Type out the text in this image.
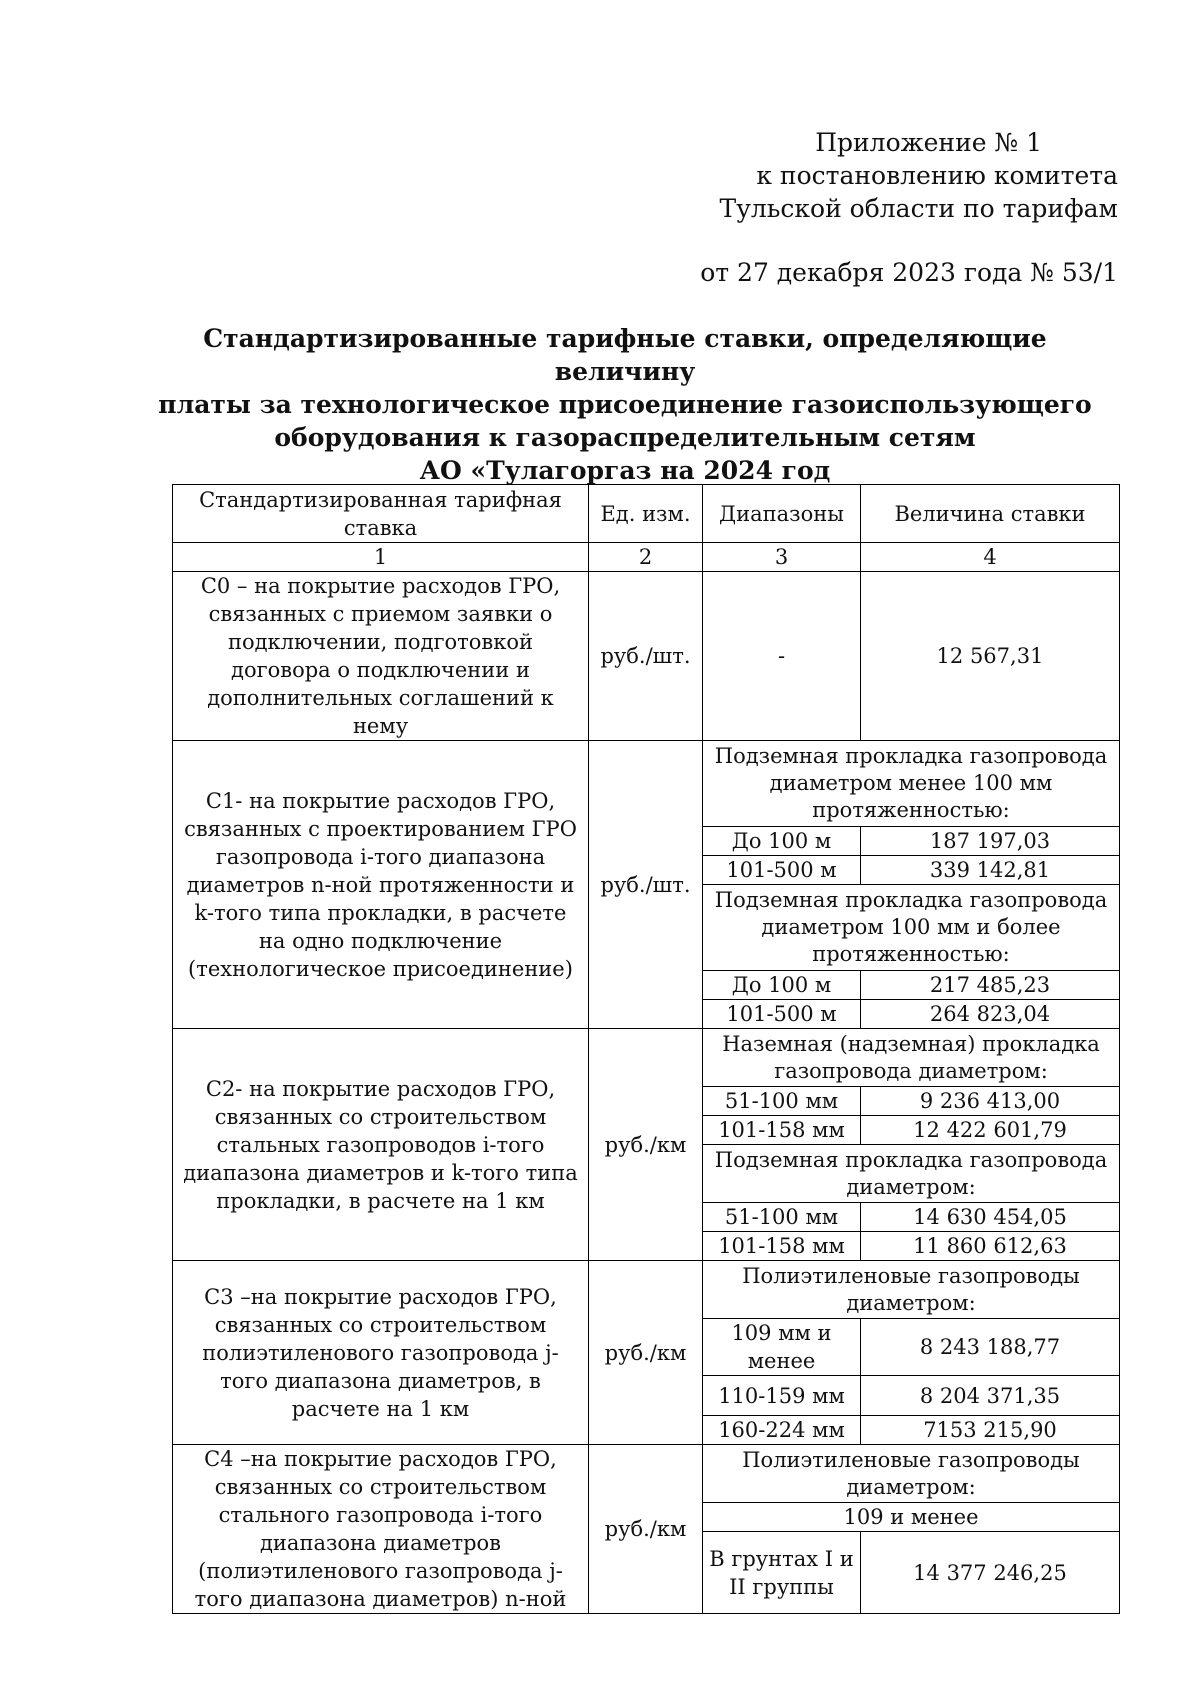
Приложение № 1
к постановлению комитета
Тульской области по тарифам
от 27 декабря 2023 года № 53/1
Стандартизированные тарифные ставки, определяющие величину
платы за технологическое присоединение газоиспользующего
оборудования к газораспределительным сетям
АО «Тулагоргаз на 2024 год
Стандартизированная тарифная ставка	Ед. изм.	Диапазоны	Величина ставки
1	2	3	4
С0 – на покрытие расходов ГРО, связанных с приемом заявки о подключении, подготовкой договора о подключении и дополнительных соглашений к нему	руб./шт.	-	12 567,31
С1- на покрытие расходов ГРО, связанных с проектированием ГРО газопровода i-того диапазона диаметров n-ной протяженности и k-того типа прокладки, в расчете на одно подключение (технологическое присоединение)	руб./шт.	Подземная прокладка газопровода диаметром менее 100 мм протяженностью:	
		До 100 м	187 197,03
		101-500 м	339 142,81
		Подземная прокладка газопровода диаметром 100 мм и более протяженностью:	
		До 100 м	217 485,23
		101-500 м	264 823,04
С2- на покрытие расходов ГРО, связанных со строительством стальных газопроводов i-того диапазона диаметров и k-того типа прокладки, в расчете на 1 км	руб./км	Наземная (надземная) прокладка газопровода диаметром:	
		51-100 мм	9 236 413,00
		101-158 мм	12 422 601,79
		Подземная прокладка газопровода диаметром:	
		51-100 мм	14 630 454,05
		101-158 мм	11 860 612,63
С3 –на покрытие расходов ГРО, связанных со строительством полиэтиленового газопровода j-того диапазона диаметров, в расчете на 1 км	руб./км	Полиэтиленовые газопроводы диаметром:	
		109 мм и менее	8 243 188,77
		110-159 мм	8 204 371,35
		160-224 мм	7153 215,90
С4 –на покрытие расходов ГРО, связанных со строительством стального газопровода i-того диапазона диаметров (полиэтиленового газопровода j-того диапазона диаметров) n-ной	руб./км	Полиэтиленовые газопроводы диаметром:	
		109 и менее	
		В грунтах I и II группы	14 377 246,25
